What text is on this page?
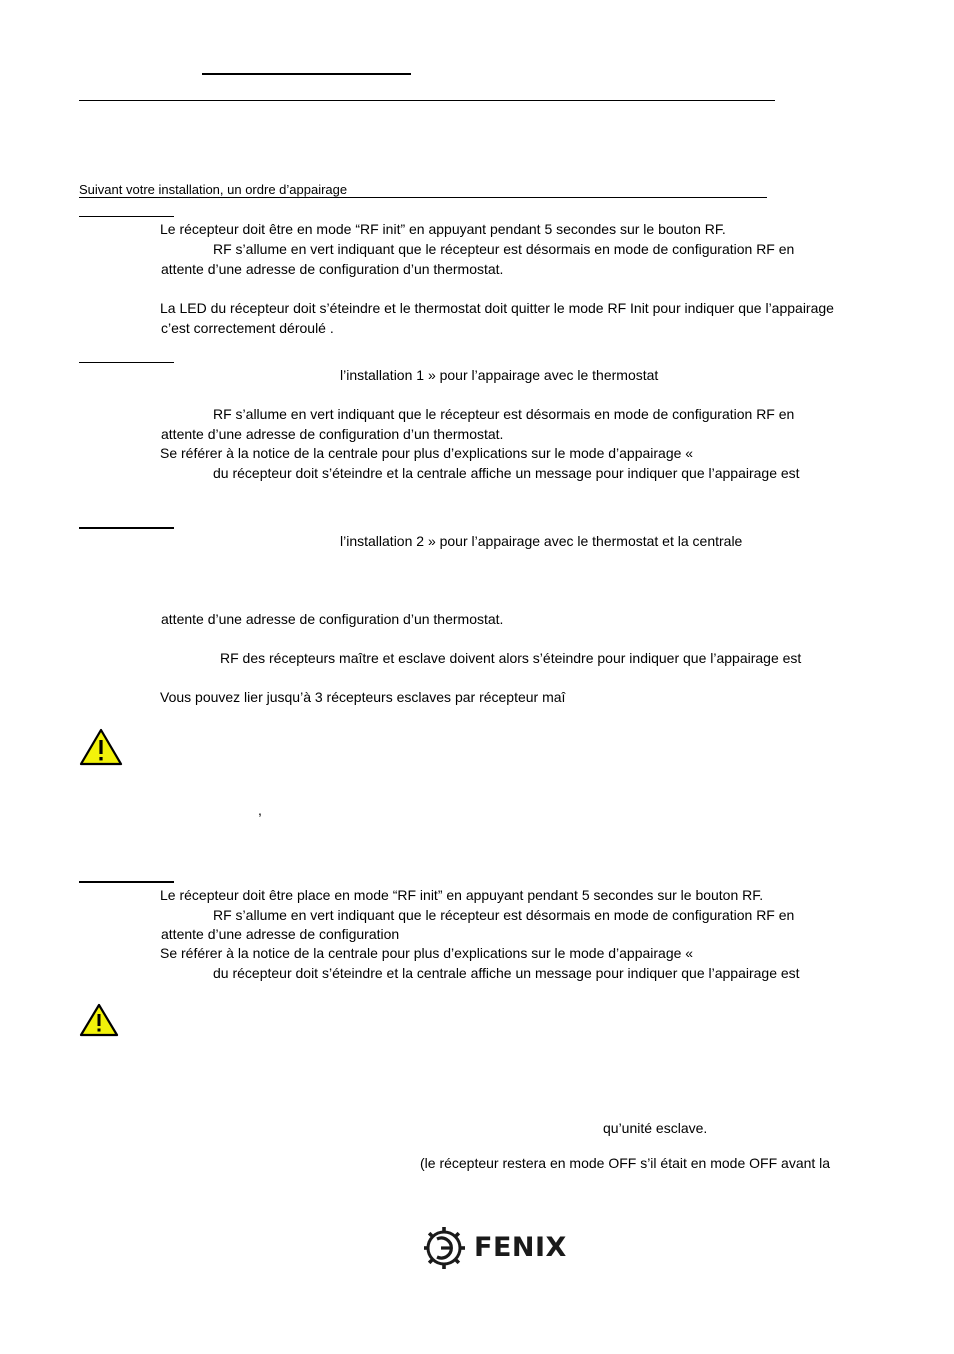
Suivant votre installation, un ordre d’appairage
Le récepteur doit être en mode “RF init” en appuyant pendant 5 secondes sur le bouton RF.
RF s’allume en vert indiquant que le récepteur est désormais en mode de configuration RF en
attente d’une adresse de configuration d’un thermostat.
La LED du récepteur doit s’éteindre et le thermostat doit quitter le mode RF Init pour indiquer que l’appairage
c’est correctement déroulé .
l’installation 1 » pour l’appairage avec le thermostat
RF s’allume en vert indiquant que le récepteur est désormais en mode de configuration RF en
attente d’une adresse de configuration d’un thermostat.
Se référer à la notice de la centrale pour plus d’explications sur le mode d’appairage «
du récepteur doit s’éteindre et la centrale affiche un message pour indiquer que l’appairage est
l’installation 2 » pour l’appairage avec le thermostat et la centrale
attente d’une adresse de configuration d’un thermostat.
RF des récepteurs maître et esclave doivent alors s’éteindre pour indiquer que l’appairage est
Vous pouvez lier jusqu’à 3 récepteurs esclaves par récepteur maî
,
Le récepteur doit être place en mode “RF init” en appuyant pendant 5 secondes sur le bouton RF.
RF s’allume en vert indiquant que le récepteur est désormais en mode de configuration RF en
attente d’une adresse de configuration
Se référer à la notice de la centrale pour plus d’explications sur le mode d’appairage «
du récepteur doit s’éteindre et la centrale affiche un message pour indiquer que l’appairage est
qu’unité esclave.
(le récepteur restera en mode OFF s’il était en mode OFF avant la
FENIX
